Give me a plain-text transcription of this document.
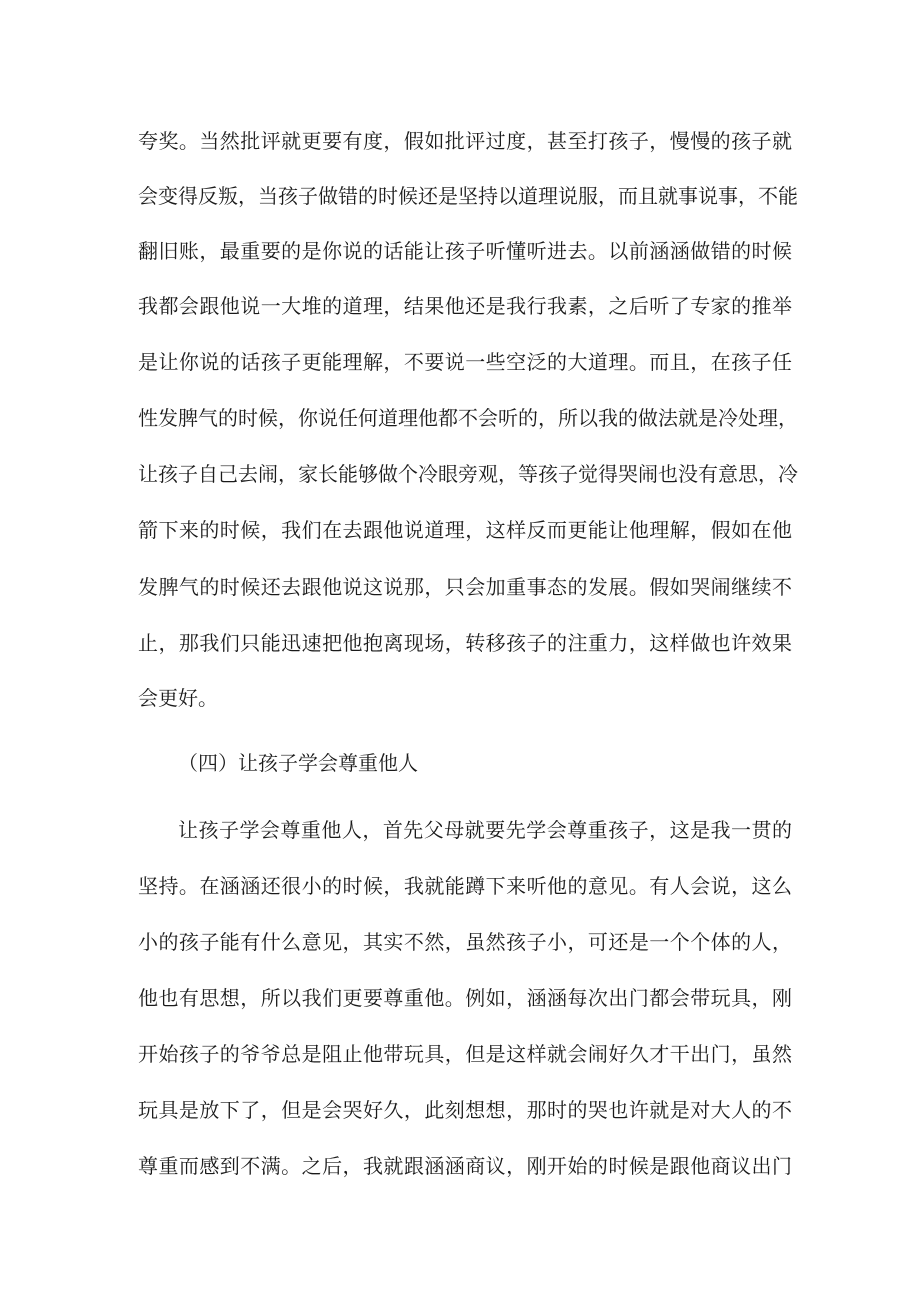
夸奖。当然批评就更要有度，假如批评过度，甚至打孩子，慢慢的孩子就
会变得反叛，当孩子做错的时候还是坚持以道理说服，而且就事说事，不能
翻旧账，最重要的是你说的话能让孩子听懂听进去。以前涵涵做错的时候
我都会跟他说一大堆的道理，结果他还是我行我素，之后听了专家的推举
是让你说的话孩子更能理解，不要说一些空泛的大道理。而且，在孩子任
性发脾气的时候，你说任何道理他都不会听的，所以我的做法就是冷处理，
让孩子自己去闹，家长能够做个冷眼旁观，等孩子觉得哭闹也没有意思，冷
箭下来的时候，我们在去跟他说道理，这样反而更能让他理解，假如在他
发脾气的时候还去跟他说这说那，只会加重事态的发展。假如哭闹继续不
止，那我们只能迅速把他抱离现场，转移孩子的注重力，这样做也许效果
会更好。
（四）让孩子学会尊重他人
让孩子学会尊重他人，首先父母就要先学会尊重孩子，这是我一贯的
坚持。在涵涵还很小的时候，我就能蹲下来听他的意见。有人会说，这么
小的孩子能有什么意见，其实不然，虽然孩子小，可还是一个个体的人，
他也有思想，所以我们更要尊重他。例如，涵涵每次出门都会带玩具，刚
开始孩子的爷爷总是阻止他带玩具，但是这样就会闹好久才干出门，虽然
玩具是放下了，但是会哭好久，此刻想想，那时的哭也许就是对大人的不
尊重而感到不满。之后，我就跟涵涵商议，刚开始的时候是跟他商议出门
